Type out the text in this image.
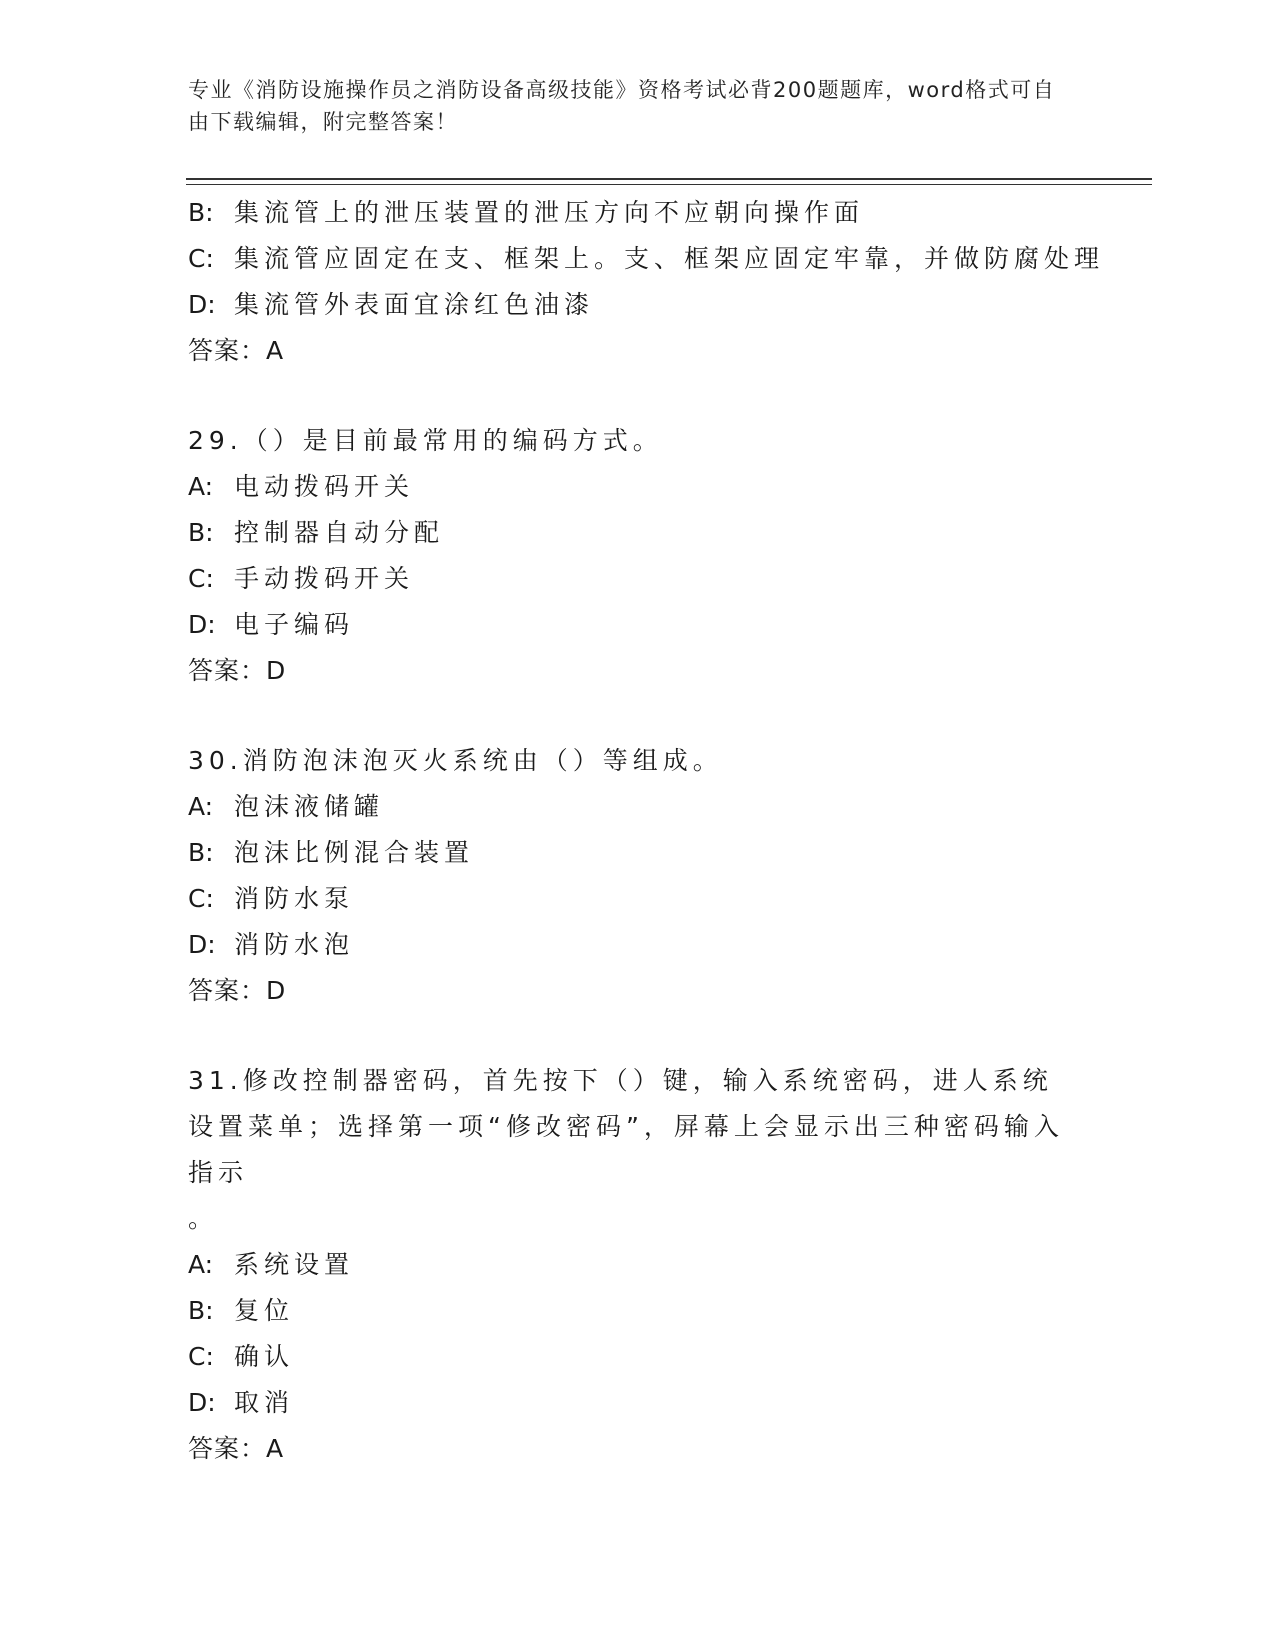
专业《消防设施操作员之消防设备高级技能》资格考试必背200题题库，word格式可自由下载编辑，附完整答案！
B: 集流管上的泄压装置的泄压方向不应朝向操作面
C: 集流管应固定在支、框架上。支、框架应固定牢靠，并做防腐处理
D: 集流管外表面宜涂红色油漆
答案：A
29.（）是目前最常用的编码方式。
A: 电动拨码开关
B: 控制器自动分配
C: 手动拨码开关
D: 电子编码
答案：D
30.消防泡沫泡灭火系统由（）等组成。
A: 泡沫液储罐
B: 泡沫比例混合装置
C: 消防水泵
D: 消防水泡
答案：D
31.修改控制器密码，首先按下（）键，输入系统密码，进人系统设置菜单；选择第一项“修改密码”，屏幕上会显示出三种密码输入指示
。
A: 系统设置
B: 复位
C: 确认
D: 取消
答案：A
